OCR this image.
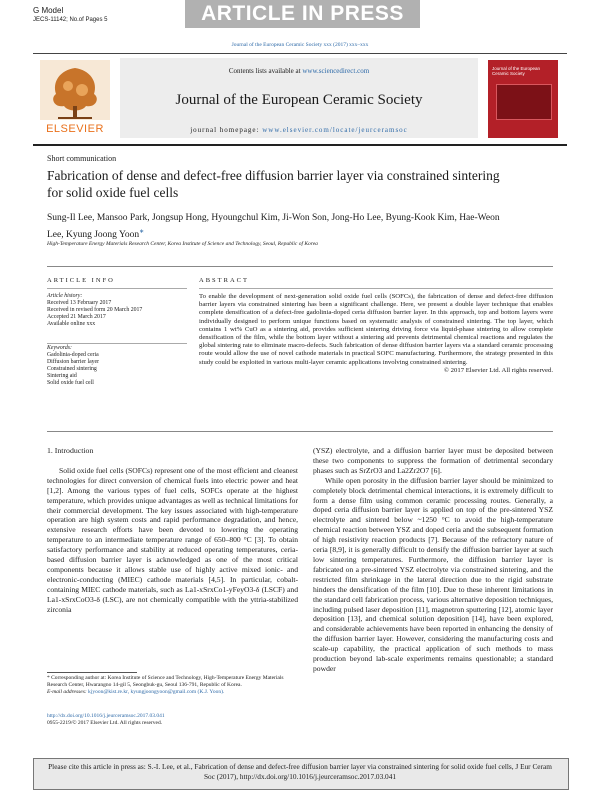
G Model
JECS-11142; No.of Pages 5	ARTICLE IN PRESS
Journal of the European Ceramic Society xxx (2017) xxx–xxx
ELSEVIER
Contents lists available at www.sciencedirect.com
Journal of the European Ceramic Society
journal homepage: www.elsevier.com/locate/jeurceramsoc
Journal of the European Ceramic Society
Short communication
Fabrication of dense and defect-free diffusion barrier layer via constrained sintering for solid oxide fuel cells
Sung-Il Lee, Mansoo Park, Jongsup Hong, Hyoungchul Kim, Ji-Won Son, Jong-Ho Lee, Byung-Kook Kim, Hae-Weon Lee, Kyung Joong Yoon∗
High-Temperature Energy Materials Research Center, Korea Institute of Science and Technology, Seoul, Republic of Korea
ARTICLE INFO	ABSTRACT
Article history:
Received 13 February 2017
Received in revised form 20 March 2017
Accepted 21 March 2017
Available online xxx
Keywords:
Gadolinia-doped ceria
Diffusion barrier layer
Constrained sintering
Sintering aid
Solid oxide fuel cell
To enable the development of next-generation solid oxide fuel cells (SOFCs), the fabrication of dense and defect-free diffusion barrier layers via constrained sintering has been a significant challenge. Here, we present a double layer technique that enables complete densification of a defect-free gadolinia-doped ceria diffusion barrier layer. In this approach, top and bottom layers were individually designed to perform unique functions based on systematic analysis of constrained sintering. The top layer, which contains 1 wt% CuO as a sintering aid, provides sufficient sintering driving force via liquid-phase sintering to allow complete densification of the film, while the bottom layer without a sintering aid prevents detrimental chemical reactions and regulates the global sintering rate to eliminate macro-defects. Such fabrication of dense diffusion barrier layers via a standard ceramic processing route would allow the use of novel cathode materials in practical SOFC manufacturing. Furthermore, the strategy presented in this study could be exploited in various multi-layer ceramic applications involving constrained sintering.
© 2017 Elsevier Ltd. All rights reserved.
1. Introduction

Solid oxide fuel cells (SOFCs) represent one of the most efficient and cleanest technologies for direct conversion of chemical fuels into electric power and heat [1,2]. Among the various types of fuel cells, SOFCs operate at the highest temperature, which provides unique advantages as well as technical limitations for their commercial development. The key issues associated with high-temperature operation are high system costs and rapid performance degradation, and hence, extensive research efforts have been devoted to lowering the operating temperature to an intermediate temperature range of 650–800 °C [3]. To obtain satisfactory performance and stability at reduced operating temperatures, ceria-based diffusion barrier layer is acknowledged as one of the most critical components because it allows stable use of highly active mixed ionic- and electronic-conducting (MIEC) cathode materials [4,5]. In particular, cobalt-containing MIEC cathode materials, such as La1-xSrxCo1-yFeyO3-δ (LSCF) and La1-xSrxCoO3-δ (LSC), are not chemically compatible with the yttria-stabilized zirconia

(YSZ) electrolyte, and a diffusion barrier layer must be deposited between these two components to suppress the formation of detrimental secondary phases such as SrZrO3 and La2Zr2O7 [6].

While open porosity in the diffusion barrier layer should be minimized to completely block detrimental chemical interactions, it is extremely difficult to form a dense film using common ceramic processing routes. Generally, a doped ceria diffusion barrier layer is applied on top of the pre-sintered YSZ electrolyte and sintered below ~1250 °C to avoid the high-temperature chemical reaction between YSZ and doped ceria and the subsequent formation of high resistivity reaction products [7]. Because of the refractory nature of ceria [8,9], it is generally difficult to densify the diffusion barrier layer at such low sintering temperatures. Furthermore, the diffusion barrier layer is fabricated on a pre-sintered YSZ electrolyte via constrained sintering, and the restricted film shrinkage in the lateral direction due to the rigid substrate hinders the densification of the film [10]. Due to these inherent limitations in the standard cell fabrication process, various alternative deposition techniques, including pulsed laser deposition [11], magnetron sputtering [12], atomic layer deposition [13], and chemical solution deposition [14], have been explored, and considerable achievements have been reported in enhancing the density of the diffusion barrier layer. However, considering the manufacturing costs and scale-up capability, the practical application of such methods to mass production beyond lab-scale experiments remains questionable; a standard powder

* Corresponding author at: Korea Institute of Science and Technology, High-Temperature Energy Materials Research Center, Hwarangno 14-gil 5, Seongbuk-gu, Seoul 136-791, Republic of Korea.
E-mail addresses: kjyoon@kist.re.kr, kyungjoongyoon@gmail.com (K.J. Yoon).
http://dx.doi.org/10.1016/j.jeurceramsoc.2017.03.041
0955-2219/© 2017 Elsevier Ltd. All rights reserved.
Please cite this article in press as: S.-I. Lee, et al., Fabrication of dense and defect-free diffusion barrier layer via constrained sintering for solid oxide fuel cells, J Eur Ceram Soc (2017), http://dx.doi.org/10.1016/j.jeurceramsoc.2017.03.041
